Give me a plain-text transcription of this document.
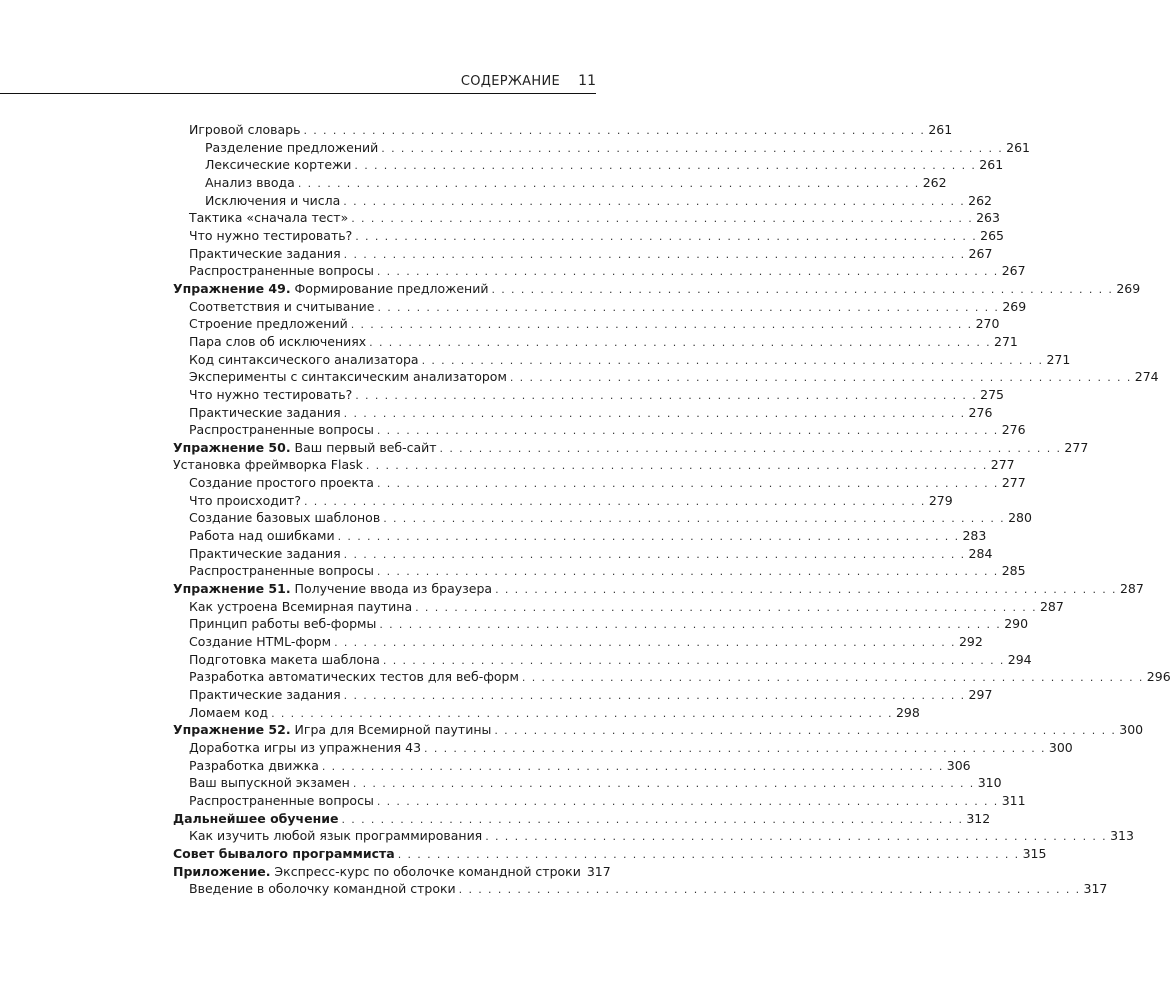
СОДЕРЖАНИЕ 11
Игровой словарь . . . . . . . . . . . . . . . . . . . . . . . . . . . . . . . . . . . . . . . . . . . . . . . . . . . . . . . . . . . . . . . . 261
Разделение предложений . . . . . . . . . . . . . . . . . . . . . . . . . . . . . . . . . . . . . . . . . . . . . . . . . . . . . . . . . . . . . . . . 261
Лексические кортежи . . . . . . . . . . . . . . . . . . . . . . . . . . . . . . . . . . . . . . . . . . . . . . . . . . . . . . . . . . . . . . . . 261
Анализ ввода . . . . . . . . . . . . . . . . . . . . . . . . . . . . . . . . . . . . . . . . . . . . . . . . . . . . . . . . . . . . . . . . 262
Исключения и числа . . . . . . . . . . . . . . . . . . . . . . . . . . . . . . . . . . . . . . . . . . . . . . . . . . . . . . . . . . . . . . . . 262
Тактика «сначала тест» . . . . . . . . . . . . . . . . . . . . . . . . . . . . . . . . . . . . . . . . . . . . . . . . . . . . . . . . . . . . . . . . 263
Что нужно тестировать? . . . . . . . . . . . . . . . . . . . . . . . . . . . . . . . . . . . . . . . . . . . . . . . . . . . . . . . . . . . . . . . . 265
Практические задания . . . . . . . . . . . . . . . . . . . . . . . . . . . . . . . . . . . . . . . . . . . . . . . . . . . . . . . . . . . . . . . . 267
Распространенные вопросы . . . . . . . . . . . . . . . . . . . . . . . . . . . . . . . . . . . . . . . . . . . . . . . . . . . . . . . . . . . . . . . . 267
Упражнение 49. Формирование предложений . . . . . . . . . . . . . . . . . . . . . . . . . . . . . . . . . . . . . . . . . . . . . . . . . . . . . . . . . . . . . . . . 269
Соответствия и считывание . . . . . . . . . . . . . . . . . . . . . . . . . . . . . . . . . . . . . . . . . . . . . . . . . . . . . . . . . . . . . . . . 269
Строение предложений . . . . . . . . . . . . . . . . . . . . . . . . . . . . . . . . . . . . . . . . . . . . . . . . . . . . . . . . . . . . . . . . 270
Пара слов об исключениях . . . . . . . . . . . . . . . . . . . . . . . . . . . . . . . . . . . . . . . . . . . . . . . . . . . . . . . . . . . . . . . . 271
Код синтаксического анализатора . . . . . . . . . . . . . . . . . . . . . . . . . . . . . . . . . . . . . . . . . . . . . . . . . . . . . . . . . . . . . . . . 271
Эксперименты с синтаксическим анализатором . . . . . . . . . . . . . . . . . . . . . . . . . . . . . . . . . . . . . . . . . . . . . . . . . . . . . . . . . . . . . . . . 274
Что нужно тестировать? . . . . . . . . . . . . . . . . . . . . . . . . . . . . . . . . . . . . . . . . . . . . . . . . . . . . . . . . . . . . . . . . 275
Практические задания . . . . . . . . . . . . . . . . . . . . . . . . . . . . . . . . . . . . . . . . . . . . . . . . . . . . . . . . . . . . . . . . 276
Распространенные вопросы . . . . . . . . . . . . . . . . . . . . . . . . . . . . . . . . . . . . . . . . . . . . . . . . . . . . . . . . . . . . . . . . 276
Упражнение 50. Ваш первый веб-сайт . . . . . . . . . . . . . . . . . . . . . . . . . . . . . . . . . . . . . . . . . . . . . . . . . . . . . . . . . . . . . . . . 277
Установка фреймворка Flask . . . . . . . . . . . . . . . . . . . . . . . . . . . . . . . . . . . . . . . . . . . . . . . . . . . . . . . . . . . . . . . . 277
Создание простого проекта . . . . . . . . . . . . . . . . . . . . . . . . . . . . . . . . . . . . . . . . . . . . . . . . . . . . . . . . . . . . . . . . 277
Что происходит? . . . . . . . . . . . . . . . . . . . . . . . . . . . . . . . . . . . . . . . . . . . . . . . . . . . . . . . . . . . . . . . . 279
Создание базовых шаблонов . . . . . . . . . . . . . . . . . . . . . . . . . . . . . . . . . . . . . . . . . . . . . . . . . . . . . . . . . . . . . . . . 280
Работа над ошибками . . . . . . . . . . . . . . . . . . . . . . . . . . . . . . . . . . . . . . . . . . . . . . . . . . . . . . . . . . . . . . . . 283
Практические задания . . . . . . . . . . . . . . . . . . . . . . . . . . . . . . . . . . . . . . . . . . . . . . . . . . . . . . . . . . . . . . . . 284
Распространенные вопросы . . . . . . . . . . . . . . . . . . . . . . . . . . . . . . . . . . . . . . . . . . . . . . . . . . . . . . . . . . . . . . . . 285
Упражнение 51. Получение ввода из браузера . . . . . . . . . . . . . . . . . . . . . . . . . . . . . . . . . . . . . . . . . . . . . . . . . . . . . . . . . . . . . . . . 287
Как устроена Всемирная паутина . . . . . . . . . . . . . . . . . . . . . . . . . . . . . . . . . . . . . . . . . . . . . . . . . . . . . . . . . . . . . . . . 287
Принцип работы веб-формы . . . . . . . . . . . . . . . . . . . . . . . . . . . . . . . . . . . . . . . . . . . . . . . . . . . . . . . . . . . . . . . . 290
Создание HTML-форм . . . . . . . . . . . . . . . . . . . . . . . . . . . . . . . . . . . . . . . . . . . . . . . . . . . . . . . . . . . . . . . . 292
Подготовка макета шаблона . . . . . . . . . . . . . . . . . . . . . . . . . . . . . . . . . . . . . . . . . . . . . . . . . . . . . . . . . . . . . . . . 294
Разработка автоматических тестов для веб-форм . . . . . . . . . . . . . . . . . . . . . . . . . . . . . . . . . . . . . . . . . . . . . . . . . . . . . . . . . . . . . . . . 296
Практические задания . . . . . . . . . . . . . . . . . . . . . . . . . . . . . . . . . . . . . . . . . . . . . . . . . . . . . . . . . . . . . . . . 297
Ломаем код . . . . . . . . . . . . . . . . . . . . . . . . . . . . . . . . . . . . . . . . . . . . . . . . . . . . . . . . . . . . . . . . 298
Упражнение 52. Игра для Всемирной паутины . . . . . . . . . . . . . . . . . . . . . . . . . . . . . . . . . . . . . . . . . . . . . . . . . . . . . . . . . . . . . . . . 300
Доработка игры из упражнения 43 . . . . . . . . . . . . . . . . . . . . . . . . . . . . . . . . . . . . . . . . . . . . . . . . . . . . . . . . . . . . . . . . 300
Разработка движка . . . . . . . . . . . . . . . . . . . . . . . . . . . . . . . . . . . . . . . . . . . . . . . . . . . . . . . . . . . . . . . . 306
Ваш выпускной экзамен . . . . . . . . . . . . . . . . . . . . . . . . . . . . . . . . . . . . . . . . . . . . . . . . . . . . . . . . . . . . . . . . 310
Распространенные вопросы . . . . . . . . . . . . . . . . . . . . . . . . . . . . . . . . . . . . . . . . . . . . . . . . . . . . . . . . . . . . . . . . 311
Дальнейшее обучение . . . . . . . . . . . . . . . . . . . . . . . . . . . . . . . . . . . . . . . . . . . . . . . . . . . . . . . . . . . . . . . . 312
Как изучить любой язык программирования . . . . . . . . . . . . . . . . . . . . . . . . . . . . . . . . . . . . . . . . . . . . . . . . . . . . . . . . . . . . . . . . 313
Совет бывалого программиста . . . . . . . . . . . . . . . . . . . . . . . . . . . . . . . . . . . . . . . . . . . . . . . . . . . . . . . . . . . . . . . . 315
Приложение. Экспресс-курс по оболочке командной строки 317
Введение в оболочку командной строки . . . . . . . . . . . . . . . . . . . . . . . . . . . . . . . . . . . . . . . . . . . . . . . . . . . . . . . . . . . . . . . . 317
